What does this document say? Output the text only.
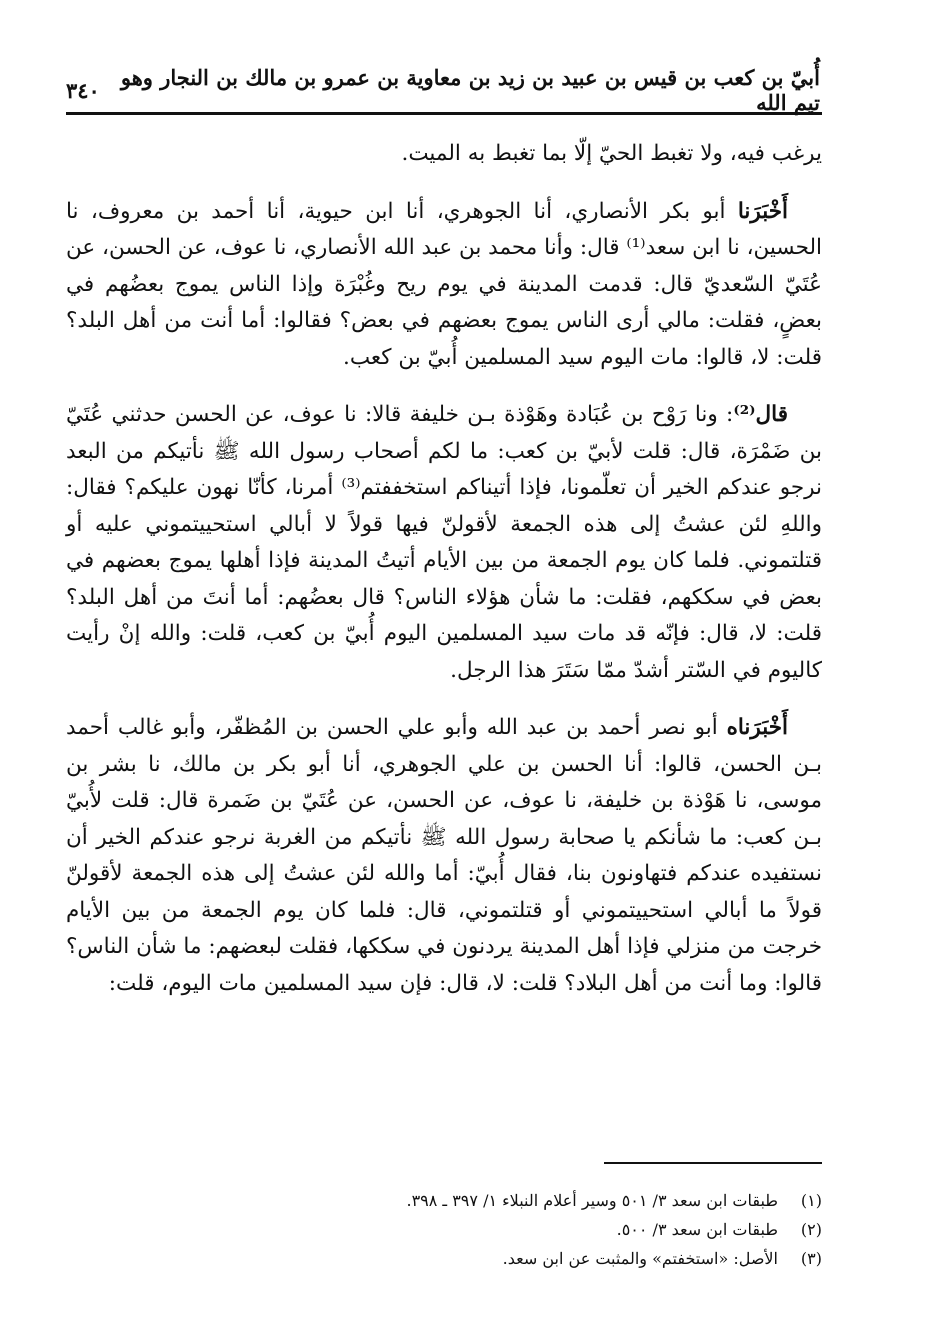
أُبيّ بن كعب بن قيس بن عبيد بن زيد بن معاوية بن عمرو بن مالك بن النجار وهو تيم الله
٣٤٠

يرغب فيه، ولا تغبط الحيّ إلّا بما تغبط به الميت.

أَخْبَرَنا أبو بكر الأنصاري، أنا الجوهري، أنا ابن حيوية، أنا أحمد بن معروف، نا الحسين، نا ابن سعد⁽¹⁾ قال: وأنا محمد بن عبد الله الأنصاري، نا عوف، عن الحسن، عن عُتَيّ السّعديّ قال: قدمت المدينة في يوم ريح وغُبْرَة وإذا الناس يموج بعضُهم في بعضٍ، فقلت: مالي أرى الناس يموج بعضهم في بعض؟ فقالوا: أما أنت من أهل البلد؟ قلت: لا، قالوا: مات اليوم سيد المسلمين أُبيّ بن كعب.

قال⁽²⁾: ونا رَوْح بن عُبَادة وهَوْذة بـن خليفة قالا: نا عوف، عن الحسن حدثني عُتَيّ بن ضَمْرَة، قال: قلت لأبيّ بن كعب: ما لكم أصحاب رسول الله ﷺ نأتيكم من البعد نرجو عندكم الخير أن تعلّمونا، فإذا أتيناكم استخففتم⁽³⁾ أمرنا، كأنّا نهون عليكم؟ فقال: واللهِ لئن عشتُ إلى هذه الجمعة لأقولنّ فيها قولاً لا أبالي استحييتموني عليه أو قتلتموني. فلما كان يوم الجمعة من بين الأيام أتيتُ المدينة فإذا أهلها يموج بعضهم في بعض في سككهم، فقلت: ما شأن هؤلاء الناس؟ قال بعضُهم: أما أنتَ من أهل البلد؟ قلت: لا، قال: فإنّه قد مات سيد المسلمين اليوم أُبيّ بن كعب، قلت: والله إنْ رأيت كاليوم في السّتر أشدّ ممّا سَتَرَ هذا الرجل.

أَخْبَرَناه أبو نصر أحمد بن عبد الله وأبو علي الحسن بن المُظفّر، وأبو غالب أحمد بـن الحسن، قالوا: أنا الحسن بن علي الجوهري، أنا أبو بكر بن مالك، نا بشر بن موسى، نا هَوْذة بن خليفة، نا عوف، عن الحسن، عن عُتَيّ بن ضَمرة قال: قلت لأُبيّ بـن كعب: ما شأنكم يا صحابة رسول الله ﷺ نأتيكم من الغربة نرجو عندكم الخير أن نستفيده عندكم فتهاونون بنا، فقال أُبيّ: أما والله لئن عشتُ إلى هذه الجمعة لأقولنّ قولاً ما أبالي استحييتموني أو قتلتموني، قال: فلما كان يوم الجمعة من بين الأيام خرجت من منزلي فإذا أهل المدينة يردنون في سككها، فقلت لبعضهم: ما شأن الناس؟ قالوا: وما أنت من أهل البلاد؟ قلت: لا، قال: فإن سيد المسلمين مات اليوم، قلت:

(١)
طبقات ابن سعد ٣/ ٥٠١ وسير أعلام النبلاء ١/ ٣٩٧ ـ ٣٩٨.
(٢)
طبقات ابن سعد ٣/ ٥٠٠.
(٣)
الأصل: «استخفتم» والمثبت عن ابن سعد.
